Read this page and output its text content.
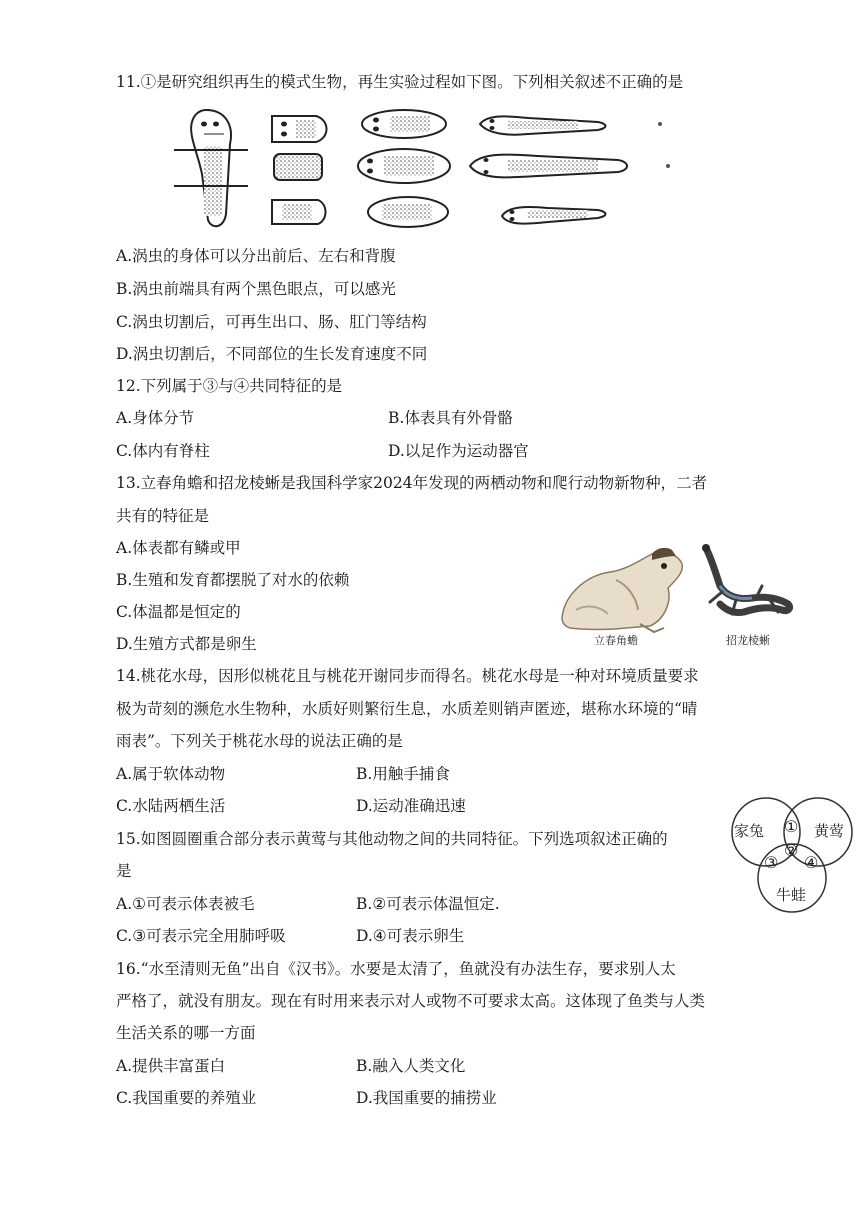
11.①是研究组织再生的模式生物，再生实验过程如下图。下列相关叙述不正确的是
A.涡虫的身体可以分出前后、左右和背腹
B.涡虫前端具有两个黑色眼点，可以感光
C.涡虫切割后，可再生出口、肠、肛门等结构
D.涡虫切割后，不同部位的生长发育速度不同
12.下列属于③与④共同特征的是
A.身体分节	B.体表具有外骨骼
C.体内有脊柱	D.以足作为运动器官
13.立春角蟾和招龙棱蜥是我国科学家2024年发现的两栖动物和爬行动物新物种，二者
共有的特征是
A.体表都有鳞或甲
B.生殖和发育都摆脱了对水的依赖
C.体温都是恒定的
D.生殖方式都是卵生	立春角蟾	招龙棱蜥
14.桃花水母，因形似桃花且与桃花开谢同步而得名。桃花水母是一种对环境质量要求
极为苛刻的濒危水生物种，水质好则繁衍生息，水质差则销声匿迹，堪称水环境的“晴
雨表”。下列关于桃花水母的说法正确的是
A.属于软体动物	B.用触手捕食
C.水陆两栖生活	D.运动准确迅速
15.如图圆圈重合部分表示黄莺与其他动物之间的共同特征。下列选项叙述正确的
是
A.①可表示体表被毛	B.②可表示体温恒定.
C.③可表示完全用肺呼吸	D.④可表示卵生
家兔	黄莺
牛蛙
①
②
③ ④
16.“水至清则无鱼”出自《汉书》。水要是太清了，鱼就没有办法生存，要求别人太
严格了，就没有朋友。现在有时用来表示对人或物不可要求太高。这体现了鱼类与人类
生活关系的哪一方面
A.提供丰富蛋白	B.融入人类文化
C.我国重要的养殖业	D.我国重要的捕捞业
